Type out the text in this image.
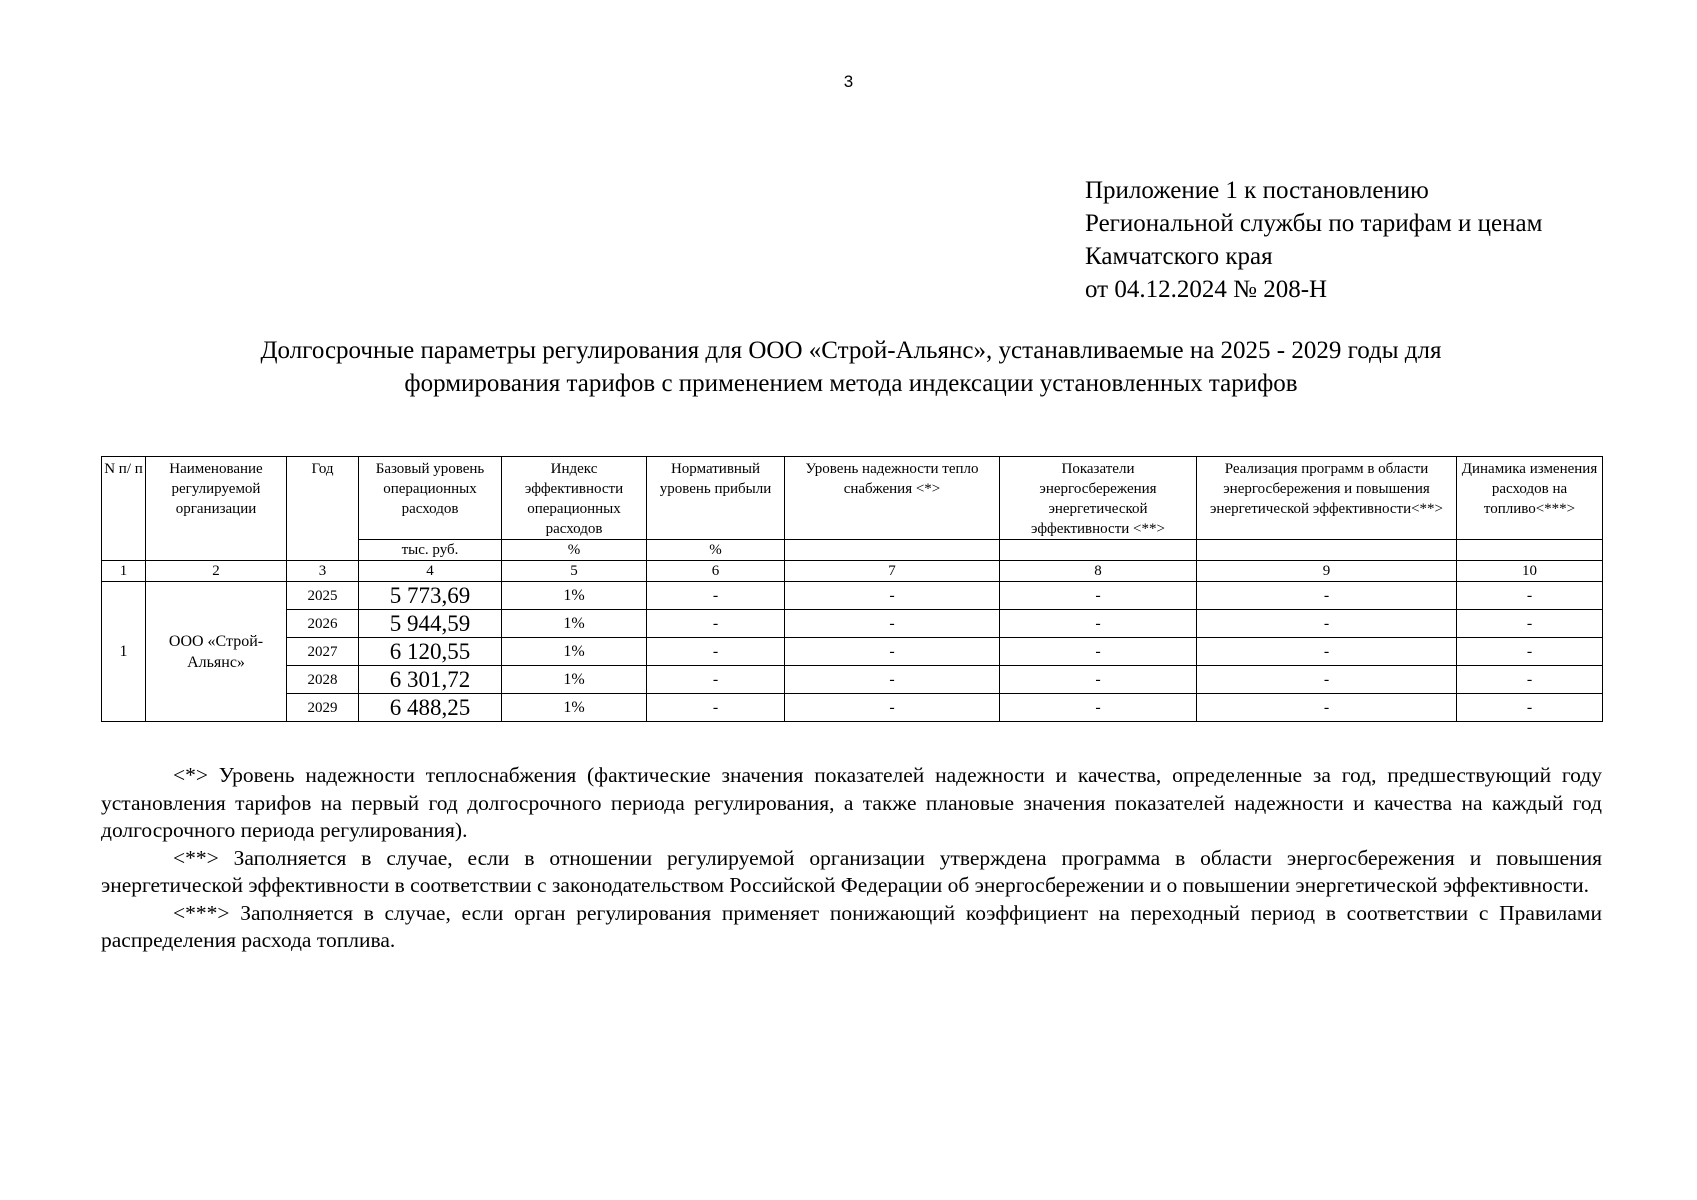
3
Приложение 1 к постановлению
Региональной службы по тарифам и ценам
Камчатского края
от 04.12.2024 № 208-Н
Долгосрочные параметры регулирования для ООО «Строй-Альянс», устанавливаемые на 2025 - 2029 годы для
формирования тарифов с применением метода индексации установленных тарифов
N п/ п	Наименование регулируемой организации	Год	Базовый уровень операционных расходов	Индекс эффективности операционных расходов	Нормативный уровень прибыли	Уровень надежности тепло снабжения <*>	Показатели энергосбережения энергетической эффективности <**>	Реализация программ в области энергосбережения и повышения энергетической эффективности<**>	Динамика изменения расходов на топливо<***>
			тыс. руб.	%	%				
1	2	3	4	5	6	7	8	9	10
1	ООО «Строй-Альянс»	2025	5 773,69	1%	-	-	-	-	-
		2026	5 944,59	1%	-	-	-	-	-
		2027	6 120,55	1%	-	-	-	-	-
		2028	6 301,72	1%	-	-	-	-	-
		2029	6 488,25	1%	-	-	-	-	-

<*> Уровень надежности теплоснабжения (фактические значения показателей надежности и качества, определенные за год, предшествующий году установления тарифов на первый год долгосрочного периода регулирования, а также плановые значения показателей надежности и качества на каждый год долгосрочного периода регулирования).

<**> Заполняется в случае, если в отношении регулируемой организации утверждена программа в области энергосбережения и повышения энергетической эффективности в соответствии с законодательством Российской Федерации об энергосбережении и о повышении энергетической эффективности.

<***> Заполняется в случае, если орган регулирования применяет понижающий коэффициент на переходный период в соответствии с Правилами распределения расхода топлива.
